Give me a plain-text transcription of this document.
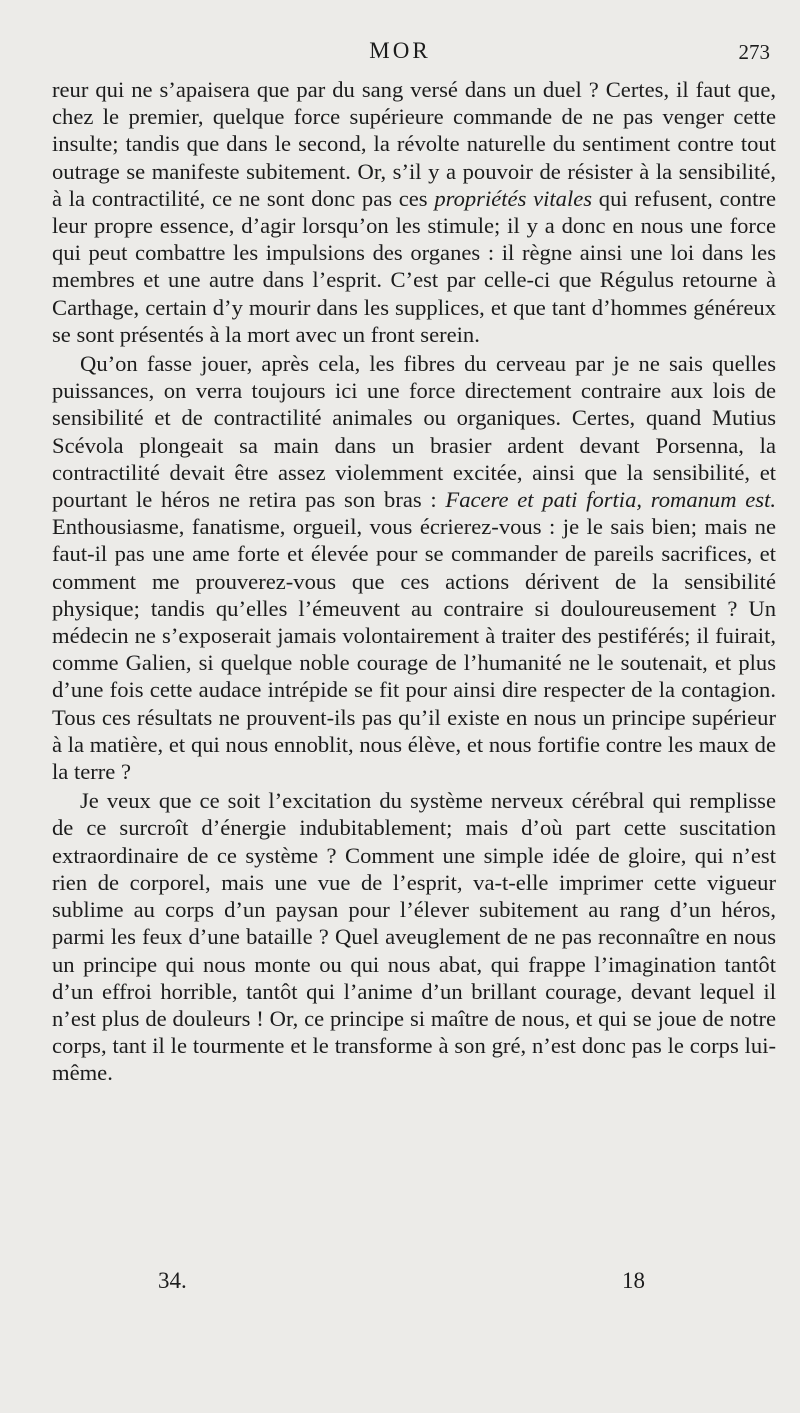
MOR	273

reur qui ne s’apaisera que par du sang versé dans un duel ? Certes, il faut que, chez le premier, quelque force supérieure commande de ne pas venger cette insulte; tandis que dans le second, la révolte naturelle du sentiment contre tout outrage se manifeste subitement. Or, s’il y a pouvoir de résister à la sensibilité, à la contractilité, ce ne sont donc pas ces propriétés vitales qui refusent, contre leur propre essence, d’agir lorsqu’on les stimule; il y a donc en nous une force qui peut combattre les impulsions des organes : il règne ainsi une loi dans les membres et une autre dans l’esprit. C’est par celle-ci que Régulus retourne à Carthage, certain d’y mourir dans les supplices, et que tant d’hommes généreux se sont présentés à la mort avec un front serein.

Qu’on fasse jouer, après cela, les fibres du cerveau par je ne sais quelles puissances, on verra toujours ici une force directement contraire aux lois de sensibilité et de contractilité animales ou organiques. Certes, quand Mutius Scévola plongeait sa main dans un brasier ardent devant Porsenna, la contractilité devait être assez violemment excitée, ainsi que la sensibilité, et pourtant le héros ne retira pas son bras : Facere et pati fortia, romanum est. Enthousiasme, fanatisme, orgueil, vous écrierez-vous : je le sais bien; mais ne faut-il pas une ame forte et élevée pour se commander de pareils sacrifices, et comment me prouverez-vous que ces actions dérivent de la sensibilité physique; tandis qu’elles l’émeuvent au contraire si douloureusement ? Un médecin ne s’exposerait jamais volontairement à traiter des pestiférés; il fuirait, comme Galien, si quelque noble courage de l’humanité ne le soutenait, et plus d’une fois cette audace intrépide se fit pour ainsi dire respecter de la contagion. Tous ces résultats ne prouvent-ils pas qu’il existe en nous un principe supérieur à la matière, et qui nous ennoblit, nous élève, et nous fortifie contre les maux de la terre ?

Je veux que ce soit l’excitation du système nerveux cérébral qui remplisse de ce surcroît d’énergie indubitablement; mais d’où part cette suscitation extraordinaire de ce système ? Comment une simple idée de gloire, qui n’est rien de corporel, mais une vue de l’esprit, va-t-elle imprimer cette vigueur sublime au corps d’un paysan pour l’élever subitement au rang d’un héros, parmi les feux d’une bataille ? Quel aveuglement de ne pas reconnaître en nous un principe qui nous monte ou qui nous abat, qui frappe l’imagination tantôt d’un effroi horrible, tantôt qui l’anime d’un brillant courage, devant lequel il n’est plus de douleurs ! Or, ce principe si maître de nous, et qui se joue de notre corps, tant il le tourmente et le transforme à son gré, n’est donc pas le corps lui-même.

34.	18
